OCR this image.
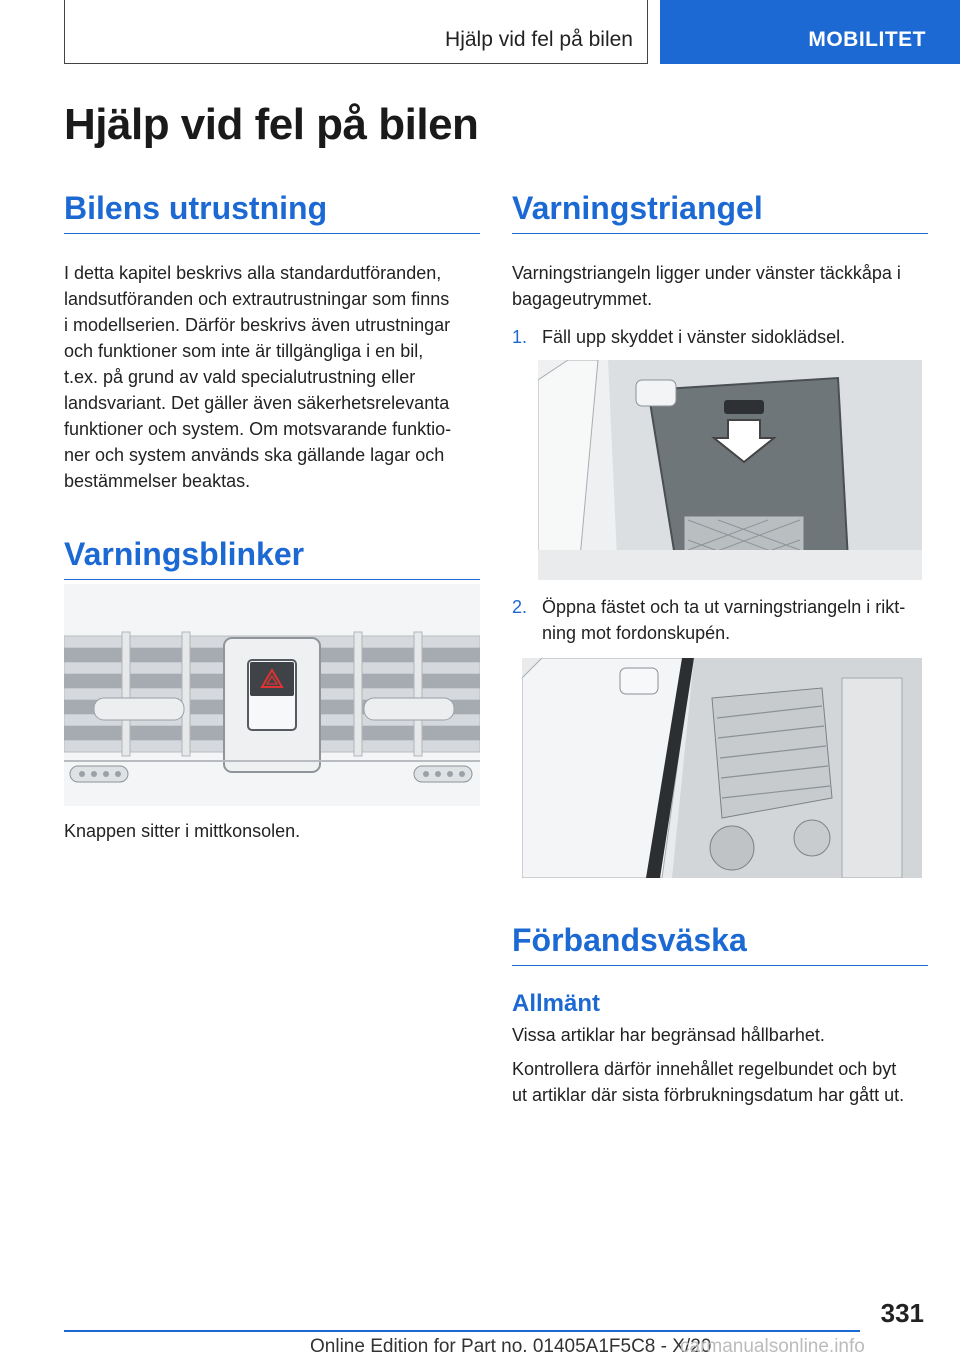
Hjälp vid fel på bilen	MOBILITET
Hjälp vid fel på bilen
Bilens utrustning

I detta kapitel beskrivs alla standardutföranden,

landsutföranden och extrautrustningar som finns

i modellserien. Därför beskrivs även utrustningar

och funktioner som inte är tillgängliga i en bil,

t.ex. på grund av vald specialutrustning eller

landsvariant. Det gäller även säkerhetsrelevanta

funktioner och system. Om motsvarande funktio-

ner och system används ska gällande lagar och

bestämmelser beaktas.

Varningsblinker

Knappen sitter i mittkonsolen.

Varningstriangel

Varningstriangeln ligger under vänster täckkåpa i

bagageutrymmet.

1. Fäll upp skyddet i vänster sidoklädsel.
2. Öppna fästet och ta ut varningstriangeln i rikt-
ning mot fordonskupén.
Förbandsväska
Allmänt

Vissa artiklar har begränsad hållbarhet.

Kontrollera därför innehållet regelbundet och byt

ut artiklar där sista förbrukningsdatum har gått ut.

331
Online Edition for Part no. 01405A1F5C8 - X/20
carmanualsonline.info
